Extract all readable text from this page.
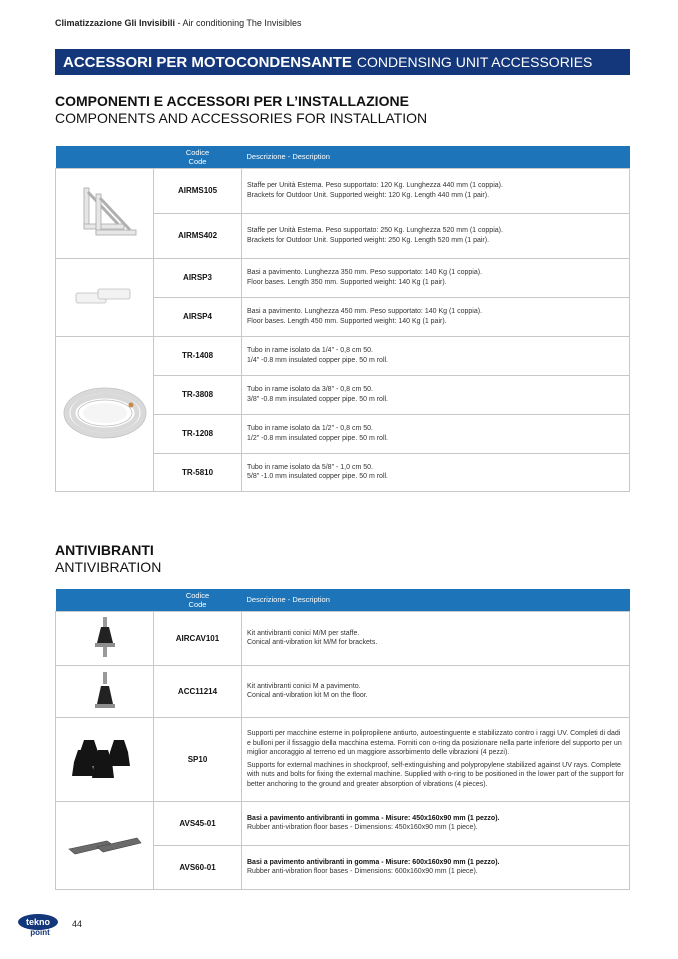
Climatizzazione Gli Invisibili - Air conditioning The Invisibles
ACCESSORI PER MOTOCONDENSANTE CONDENSING UNIT ACCESSORIES
COMPONENTI E ACCESSORI PER L’INSTALLAZIONE
COMPONENTS AND ACCESSORIES FOR INSTALLATION
	Codice
Code	Descrizione - Description
	AIRMS105	Staffe per Unità Esterna. Peso supportato: 120 Kg. Lunghezza 440 mm (1 coppia).
Brackets for Outdoor Unit. Supported weight: 120 Kg. Length 440 mm (1 pair).

	AIRMS402	Staffe per Unità Esterna. Peso supportato: 250 Kg. Lunghezza 520 mm (1 coppia).
Brackets for Outdoor Unit. Supported weight: 250 Kg. Length 520 mm (1 pair).

	AIRSP3	Basi a pavimento. Lunghezza 350 mm. Peso supportato: 140 Kg (1 coppia).
Floor bases. Length 350 mm. Supported weight: 140 Kg (1 pair).

	AIRSP4	Basi a pavimento. Lunghezza 450 mm. Peso supportato: 140 Kg (1 coppia).
Floor bases. Length 450 mm. Supported weight: 140 Kg (1 pair).

	TR-1408	Tubo in rame isolato da 1/4" - 0,8 cm 50.
1/4" -0.8 mm insulated copper pipe. 50 m roll.

	TR-3808	Tubo in rame isolato da 3/8" - 0,8 cm 50.
3/8" -0.8 mm insulated copper pipe. 50 m roll.

	TR-1208	Tubo in rame isolato da 1/2" - 0,8 cm 50.
1/2" -0.8 mm insulated copper pipe. 50 m roll.

	TR-5810	Tubo in rame isolato da 5/8" - 1,0 cm 50.
5/8" -1.0 mm insulated copper pipe. 50 m roll.
ANTIVIBRANTI
ANTIVIBRATION
	Codice
Code	Descrizione - Description
	AIRCAV101	Kit antivibranti conici M/M per staffe.
Conical anti-vibration kit M/M for brackets.

	ACC11214	Kit antivibranti conici M a pavimento.
Conical anti-vibration kit M on the floor.

	SP10	Supporti per macchine esterne in polipropilene antiurto, autoestinguente e stabilizzato contro i raggi UV. Completi di dadi e bulloni per il fissaggio della macchina esterna. Forniti con o-ring da posizionare nella parte inferiore del supporto per un miglior ancoraggio al terreno ed un maggiore assorbimento delle vibrazioni (4 pezzi).
Supports for external machines in shockproof, self-extinguishing and polypropylene stabilized against UV rays. Complete with nuts and bolts for fixing the external machine. Supplied with o-ring to be positioned in the lower part of the support for better anchoring to the ground and greater absorption of vibrations (4 pieces).

	AVS45-01	Basi a pavimento antivibranti in gomma - Misure: 450x160x90 mm (1 pezzo).
Rubber anti-vibration floor bases - Dimensions: 450x160x90 mm (1 piece).

	AVS60-01	Basi a pavimento antivibranti in gomma - Misure: 600x160x90 mm (1 pezzo).
Rubber anti-vibration floor bases - Dimensions: 600x160x90 mm (1 piece).
tekno
point
44
